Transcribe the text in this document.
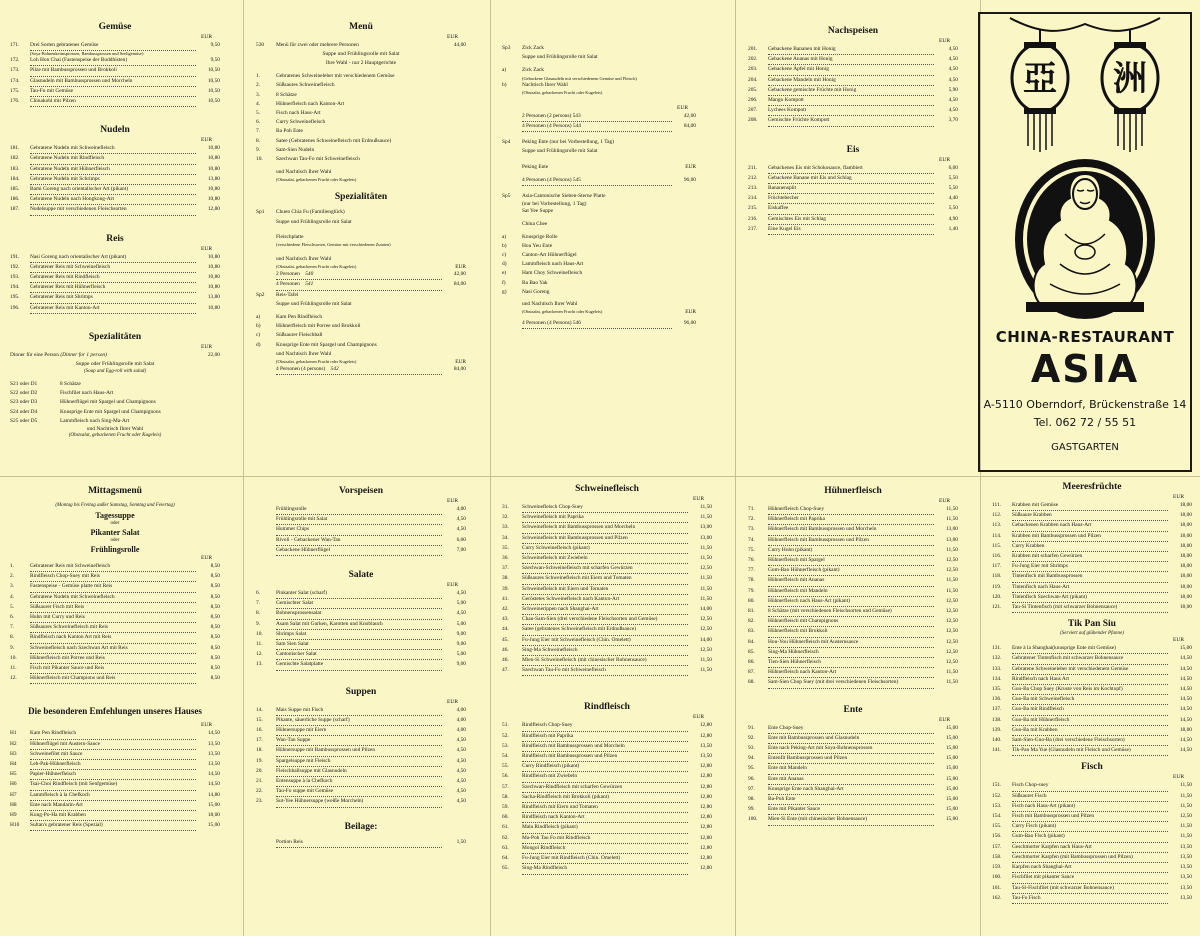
Gemüse
EUR
171.	Drei Sorten gebratenes Gemüse	9,50
(Soya-Bohnenkeimsprossen, Bambussprossen und Seeligemüse)
172.	Loh Hon Chai (Fastenspeise der Buddhisten)	9,50
173.	Pilze mit Bambussprossen und Brokkoli	10,50
174.	Glasnudeln mit Bambussprossen und Morcheln	10,50
175.	Tau-Fu mit Gemüse	10,50
176.	Chinakohl mit Pilzen	10,50
Nudeln
EUR
181.	Gebratene Nudeln mit Schweinefleisch	10,80
182.	Gebratene Nudeln mit Rindfleisch	10,80
183.	Gebratene Nudeln mit Hühnerfleisch	10,80
184.	Gebratene Nudeln mit Schrimps	13,80
185.	Bami Goreng nach orientalischer Art (pikant)	10,80
186.	Gebratene Nudeln nach Hongkong-Art	10,80
187.	Nudelsuppe mit verschiedenen Fleischsorten	12,80
Reis
EUR
191.	Nasi Goreng nach orientalischer Art (pikant)	10,80
192.	Gebratener Reis mit Schweinefleisch	10,80
193.	Gebratener Reis mit Rindfleisch	10,80
194.	Gebratener Reis mit Hühnerfleisch	10,80
195.	Gebratener Reis mit Shrimps	13,80
196.	Gebratener Reis mit Kanton-Art	10,80
Spezialitäten
EUR
Dinner für eine Person (Dinner for 1 person)	22,00
Suppe oder Frühlingsrolle mit Salat
(Soup and Egg-roll with salad)
S21 oder D1	8 Schätze
S22 oder D2	Fischfilet nach Haus-Art
S23 oder D3	Hühnerflügel mit Spargel und Champignons
S24 oder D4	Knusprige Ente mit Spargel und Champignons
S25 oder D5	Lammfleisch nach Sing-Ma-Art
und Nachtisch Ihrer Wahl
(Obstsalat, gebackenen Frucht oder Kugeleis)
Menü
EUR
530	Menü für zwei oder mehrere Personen	44,00
Suppe und Frühlingsrolle mit Salat
Ihre Wahl - nur 2 Hauptgerichte
1.	Gebratenes Schweineleber mit verschiedenem Gemüse
2.	Süßsaures Schweinefleisch
3.	8 Schätze
4.	Hühnerfleisch nach Kanton-Art
5.	Fisch nach Haus-Art
6.	Curry Schweinefleisch
7.	Ba Poh Ente
8.	Satee (Gebratenes Schweinefleisch mit Erdnußsauce)
9.	Sam-Sien Nudeln
10.	Szechwan Tau-Fo mit Schweinefleisch
und Nachtisch Ihrer Wahl
(Obstsalat, gebackenen Frucht oder Kugeleis)
Spezialitäten
Sp1	Chuen Chia Fu (Familienglück)
Suppe und Frühlingsrolle mit Salat
Fleischplatte
(verschiedene Fleischsorten, Gemüse mit verschiedenen Zutaten)
und Nachtisch Ihrer Wahl
(Obstsalat, gebackenen Frucht oder Kugeleis)	EUR
2 Personen 540	42,00
4 Personen 541	84,00
Sp2	Reis-Tafel
Suppe und Frühlingsrolle mit Salat
a)	Kam Pen Rindfleisch
b)	Hühnerfleisch mit Porree und Brokkoli
c)	Süßsaurer Fleischball
d)	Knusprige Ente mit Spargel und Champignons
und Nachtisch Ihrer Wahl
(Obstsalat, gebackenen Frucht oder Kugeleis)	EUR
4 Personen (4 persons) 542	84,00
Sp3	Zick Zack
Suppe und Frühlingsrolle mit Salat
a)	Zick Zack
(Gebackene Glasnudeln mit verschiedenem Gemüse und Fleisch)
b)	Nachtisch Ihrer Wahl
(Obstsalat, gebackenen Frucht oder Kugeleis)
EUR
2 Personen (2 persons) 543	42,00
4 Personen (4 Persons) 544	84,00
Sp4	Peking Ente (nur bei Vorbestellung, 1 Tag)
Suppe und Frühlingsrolle mit Salat
Peking Ente	EUR
4 Personen (4 Persons) 545	96,00
Sp5	Asia-Cantonische Sieben-Sterne Platte
(nur bei Vorbestellung, 1 Tag)
Sat Yee Suppe
China Chee
a)	Knusprige Rolle
b)	Hou Yeu Ente
c)	Canton-Art Hühnerflügel
d)	Lammfleisch nach Haus-Art
e)	Ham Choy Schweinefleisch
f)	Ba Bao Yak
g)	Nasi Goreng
und Nachtisch Ihrer Wahl
(Obstsalat, gebackenen Frucht oder Kugeleis)	EUR
4 Personen (4 Persons) 546	96,00
Nachspeisen
EUR
201.	Gebackene Bananen mit Honig	4,50
202.	Gebackene Ananas mit Honig	4,50
203.	Gebackene Äpfel mit Honig	4,50
204.	Gebackene Mandeln mit Honig	4,50
205.	Gebackene gemischte Früchte mit Honig	5,90
206.	Mango Kompott	4,50
207.	Lychees Kompott	4,50
208.	Gemischte Früchte Kompott	3,70
Eis
EUR
211.	Gebackenes Eis mit Schokosauce, flambiert	6,00
212.	Gebackene Banane mit Eis und Schlag	5,50
213.	Bananensplit	5,50
214.	Früchtebecher	4,40
215.	Eiskaffee	5,50
216.	Gemischtes Eis mit Schlag	4,90
217.	Eine Kugel Eis	1,40
亞 洲
CHINA-RESTAURANT
ASIA
A-5110 Oberndorf, Brückenstraße 14
Tel. 062 72 / 55 51
GASTGARTEN
Mittagsmenü
(Montag bis Freitag außer Samstag, Sonntag und Feiertag)
Tagessuppe
oder
Pikanter Salat
oder
Frühlingsrolle
EUR
1.	Gebratener Reis mit Schweinefleisch	8,50
2.	Rindfleisch Chop-Suey mit Reis	8,50
3.	Fastenspeise - Gemüse platte mit Reis	8,50
4.	Gebratene Nudeln mit Schweinefleisch	8,50
5.	Süßsaurer Fisch mit Reis	8,50
6.	Huhn mit Curry und Reis	8,50
7.	Süßsaures Schweinefleisch mit Reis	8,50
8.	Rindfleisch nach Kanton Art mit Reis	8,50
9.	Schweinefleisch nach Szechwan Art mit Reis	8,50
10.	Hühnerfleisch mit Porree und Reis	8,50
11.	Fisch mit Pikanter Sauce und Reis	8,50
12.	Hühnerfleisch mit Champions und Reis	8,50
Die besonderen Emfehlungen unseres Hauses
EUR
H1	Kam Pen Rindfleisch	14,50
H2	Hühnerflügel mit Austern-Sauce	13,50
H3	Schweinefilet mit Sauce	13,50
H4	Leh-Pak-Hühnerfleisch	13,50
H5	Papier-Hühnerfleisch	14,50
H6	Tsai-Choi Rindfleisch (mit Senfgemüse)	14,50
H7	Lammfleisch à la Chefkoch	14,80
H8	Ente nach Mandarin-Art	15,00
H9	Kung-Po-Ha mit Krabben	18,00
H10	Sultan's gebratener Reis (Spezial)	15,00
Vorspeisen
EUR
Frühlingsrolle	4,00
Frühlingsrolle mit Salat	4,50
Hummer Chips	4,50
Rivoli - Gebackener Wan-Tan	6,00
Gebackene Hühnerflügel	7,00
Salate
EUR
6.	Pinkanter Salat (scharf)	4,50
7.	Gemischter Salat	5,00
8.	Bohnensprossensalat	4,50
9.	Asam Salat mit Gurken, Karotten und Knoblauch	5,00
10.	Shrimps Salat	9,00
11.	Sam Sien Salat	9,00
12.	Cantonischer Salat	5,00
13.	Gemischte Salatplatte	9,00
Suppen
EUR
14.	Mais Suppe mit Fisch	4,00
15.	Pikante, säuerliche Suppe (scharf)	4,00
16.	Hühnersuppe mit Eiern	4,00
17.	Wan-Tan Suppe	4,50
18.	Hühnersuppe mit Bambussprossen und Pilzen	4,50
19.	Spargelsuppe mit Fleisch	4,50
20.	Fleischballsuppe mit Glasnudeln	4,50
21.	Entensuppe à la Chefkoch	4,50
22.	Tau-Fo suppe mit Gemüse	4,50
23.	Sut-Yee Hühnersuppe (weiße Morcheln)	4,50
Beilage:
Portion Reis	1,50
Schweinefleisch
EUR
31.	Schweinefleisch Chop-Suey	11,50
32.	Schweinefleisch mit Paprika	11,50
33.	Schweinefleisch mit Bambussprossen und Morcheln	13,00
34.	Schweinefleisch mit Bambussprossen und Pilzen	13,00
35.	Curry Schweinefleisch (pikant)	11,50
36.	Schweinefleisch mit Zwiebeln	11,50
37.	Szechwan-Schweinefleisch mit scharfen Gewürzen	12,50
38.	Süßsaures Schweinefleisch mit Eiern und Tomaten	11,50
39.	Schweinefleisch mit Eiern und Tomaten	11,50
41.	Geröstetes Schweinefleisch nach Kanton-Art	11,50
42.	Schweinerippen nach Shanghai-Art	14,00
43.	Chau-Sam-Sien (drei verschiedene Fleischsorten und Gemüse)	12,50
44.	Satee (gebratenes Schweinefleisch mit Erdnußsauce)	12,50
45.	Fu-Jung Eier mit Schweinefleisch (Chin. Omelett)	14,00
46.	Sing-Ma Schweinefleisch	12,50
46.	Mien-Si Schweinefleisch (mit chinesischer Bohnensauce)	11,50
47.	Szechwan Tau-Fo mit Schweinefleisch	11,50
Rindfleisch
EUR
51.	Rindfleisch Chop-Suey	12,80
52.	Rindfleisch mit Paprika	12,80
53.	Rindfleisch mit Bambussprossen und Morcheln	13,50
54.	Rindfleisch mit Bambussprossen und Pilzen	13,50
55.	Curry Rindfleisch (pikant)	12,80
56.	Rindfleisch mit Zwiebeln	12,80
57.	Szechwan-Rindfleisch mit scharfen Gewürzen	12,80
58.	Sacha-Rindfleisch mit Brokkoli (pikant)	12,80
59.	Rindfleisch mit Eiern und Tomaten	12,80
60.	Rindfleisch nach Kanton-Art	12,80
61.	Mala Rindfleisch (pikant)	12,80
62.	Ma-Poh Tau Fo mit Rindfleisch	12,80
63.	Mongol Rindfleisch	12,80
64.	Fu-Jung Eier mit Rindfleisch (Chin. Omelett)	12,80
65.	Sing-Ma Rindfleisch	12,80
Hühnerfleisch
EUR
71.	Hühnerfleisch Chop-Suey	11,50
72.	Hühnerfleisch mit Paprika	11,50
73.	Hühnerfleisch mit Bambussprossen und Morcheln	13,00
74.	Hühnerfleisch mit Bambussprossen und Pilzen	13,00
75.	Curry Huhn (pikant)	11,50
76.	Hühnerfleisch mit Spargel	12,50
77.	Gum-Bao Hühnerfleisch (pikant)	12,50
78.	Hühnerfleisch mit Ananas	11,50
79.	Hühnerfleisch mit Mandeln	11,50
80.	Hühnerfleisch nach Haus-Art (pikant)	12,50
81.	8 Schätze (mit verschiedenen Fleischsorten und Gemüse)	12,50
82.	Hühnerfleisch mit Champignons	12,50
83.	Hühnerfleisch mit Brokkoli	12,50
84.	Hou-You Hühnerfleisch mit Austernsauce	12,50
85.	Sing-Ma Hühnerfleisch	12,50
86.	Tien-Sien Hühnerfleisch	12,50
87.	Hühnerfleisch nach Kanton-Art	11,50
88.	Sam-Sien Chop Suey (mit drei verschiedenen Fleischsorten)	11,50
Ente
EUR
91.	Ente Chop-Suey	15,00
92.	Ente mit Bambussprossen und Glasnudeln	15,00
93.	Ente nach Peking-Art mit Soya-Bohnensprossen	15,00
94.	Entenfit Bambussprossen und Pilzen	15,00
95.	Ente mit Mandeln	15,00
96.	Ente mit Ananas	15,00
97.	Knusprige Ente nach Shanghai-Art	15,00
98.	Ba-Poh Ente	15,00
99.	Ente mit Pikanter Sauce	15,00
100.	Mien-Si Ente (mit chinesischer Bohnensauce)	15,00
Meeresfrüchte
EUR
111.	Krabben mit Gemüse	18,00
112.	Süßsaure Krabben	18,00
113.	Gebackenen Krabben nach Haus-Art	18,00
114.	Krabben mit Bambussprossen und Pilzen	18,00
115.	Curry Krabben	18,00
116.	Krabben mit scharfen Gewürzen	18,00
117.	Fu-Jung Eier mit Shrimps	18,00
118.	Tintenfisch mit Bambussprossen	18,00
119.	Tintenfisch nach Haus-Art	18,00
120.	Tintenfisch Szechwan-Art (pikant)	18,00
121.	Tau-Si Tintenfisch (mit schwarzer Bohnensauce)	18,00
Tik Pan Siu
(Serviert auf glühender Pfanne)
EUR
131.	Ente à la Shanghai(knusprige Ente mit Gemüse)	15,00
132.	Gebratener Tintenfisch mit schwarzer Bohnensauce	14,50
133.	Gebratene Schweineleber mit verschiedenem Gemüse	14,50
134.	Rindfleisch nach Haus Art	14,50
135.	Guo-Ba Chop Suey (Kruste von Reis im Kochtopf)	14,50
136.	Guo-Ba mit Schweinefleisch	14,50
137.	Guo-Ba mit Rindfleisch	14,50
138.	Guo-Ba mit Hühnerfleisch	14,50
139.	Guo-Ba mit Krabben	18,00
140.	Sam-Sien-Guo-Ba (drei verschiedene Fleischsorten)	14,50
141.	Tik-Pan Ma Yue (Glasnudeln mit Fleisch und Gemüse)	14,50
Fisch
EUR
151.	Fisch Chop-suey	11,50
152.	Süßsaurer Fisch	11,50
153.	Fisch nach Haus-Art (pikant)	11,50
154.	Fisch mit Bambussprossen und Pilzen	12,50
155.	Curry Fisch (pikant)	11,50
156.	Gum-Bao Fisch (pikant)	11,50
157.	Geschmorter Karpfen nach Haus-Art	13,50
158.	Geschmorter Karpfen (mit Bambussprossen und Pilzen)	13,50
159.	Karpfen nach Shanghai-Art	13,50
160.	Fischfilet mit pikanter Sauce	13,50
161.	Tau-Si-Fischfilet (mit schwarzer Bohnensauce)	13,50
162.	Tau-Fo Fisch	13,50
